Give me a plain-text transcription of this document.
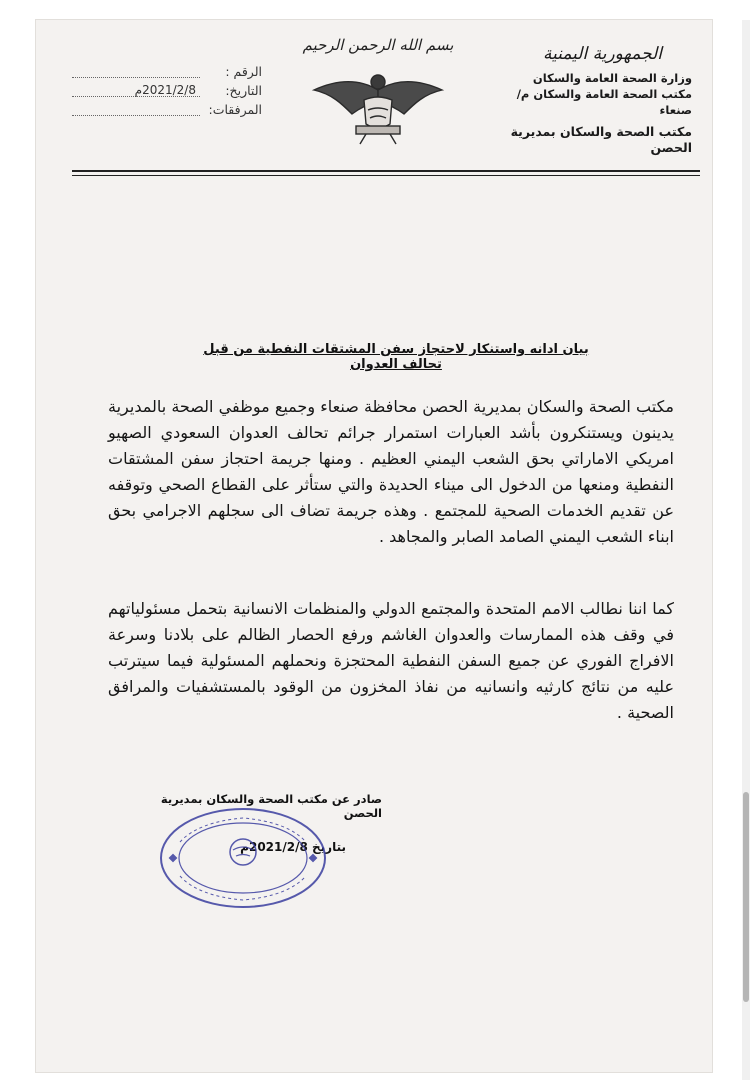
الجمهورية اليمنية
وزارة الصحة العامة والسكان
مكتب الصحة العامة والسكان م/صنعاء
مكتب الصحة والسكان بمديرية الحصن
بسم الله الرحمن الرحيم
الرقم :
التاريخ:
2021/2/8م
المرفقات:
بيان ادانه واستنكار لاحتجاز سفن المشتقات النفطية من قبل تحالف العدوان
مكتب الصحة والسكان بمديرية الحصن محافظة صنعاء وجميع موظفي الصحة بالمديرية يدينون ويستنكرون بأشد العبارات استمرار جرائم تحالف العدوان السعودي الصهيو امريكي الاماراتي بحق الشعب اليمني العظيم . ومنها جريمة احتجاز سفن المشتقات النفطية ومنعها من الدخول الى ميناء الحديدة والتي ستأثر على القطاع الصحي وتوقفه عن تقديم الخدمات الصحية للمجتمع . وهذه جريمة تضاف الى سجلهم الاجرامي بحق ابناء الشعب اليمني الصامد الصابر والمجاهد .
كما اننا نطالب الامم المتحدة والمجتمع الدولي والمنظمات الانسانية بتحمل مسئولياتهم في وقف هذه الممارسات والعدوان الغاشم ورفع الحصار الظالم على بلادنا وسرعة الافراج الفوري عن جميع السفن النفطية المحتجزة ونحملهم المسئولية فيما سيترتب عليه من نتائج كارثيه وانسانيه من نفاذ المخزون من الوقود بالمستشفيات والمرافق الصحية .
صادر عن مكتب الصحة والسكان بمديرية الحصن
بتاريخ 2021/2/8م
